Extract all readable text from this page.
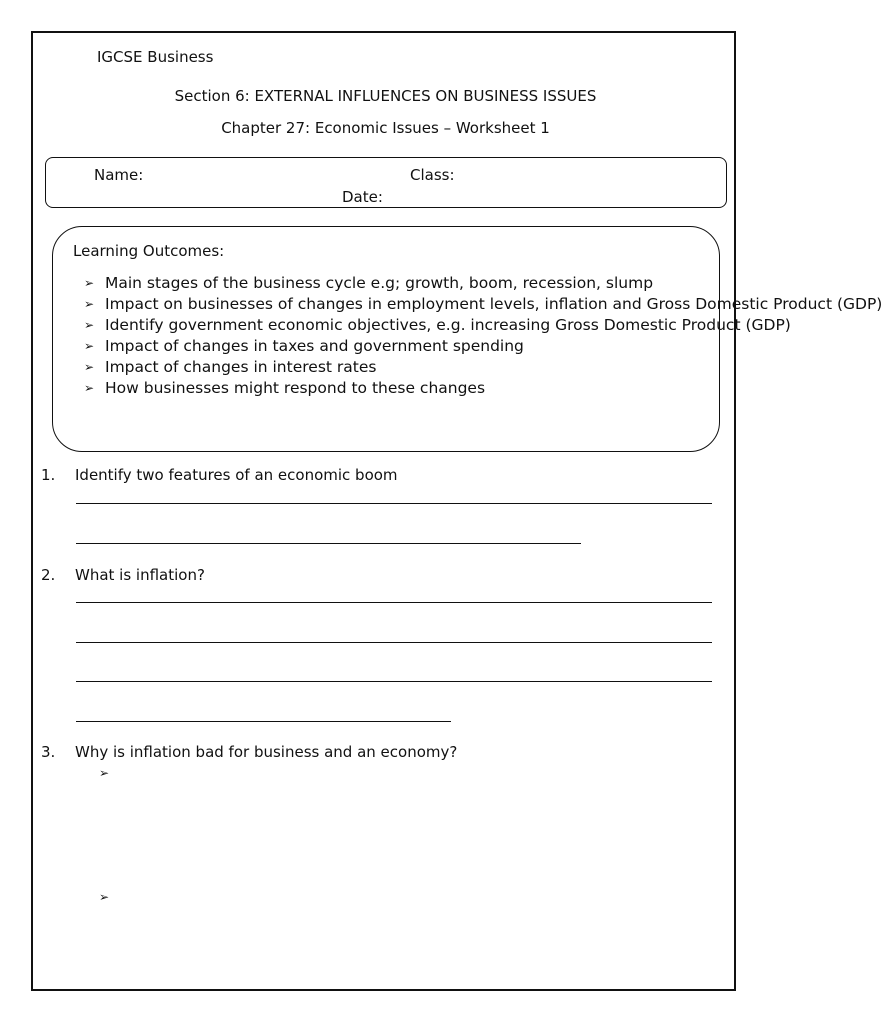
IGCSE Business
Section 6: EXTERNAL INFLUENCES ON BUSINESS ISSUES
Chapter 27: Economic Issues – Worksheet 1
Name:	Class:
Date:
Learning Outcomes:
➢ Main stages of the business cycle e.g; growth, boom, recession, slump
➢ Impact on businesses of changes in employment levels, inflation and Gross Domestic Product (GDP)
➢ Identify government economic objectives, e.g. increasing Gross Domestic Product (GDP)
➢ Impact of changes in taxes and government spending
➢ Impact of changes in interest rates
➢ How businesses might respond to these changes
1. Identify two features of an economic boom
2. What is inflation?
3. Why is inflation bad for business and an economy?
➢
➢
